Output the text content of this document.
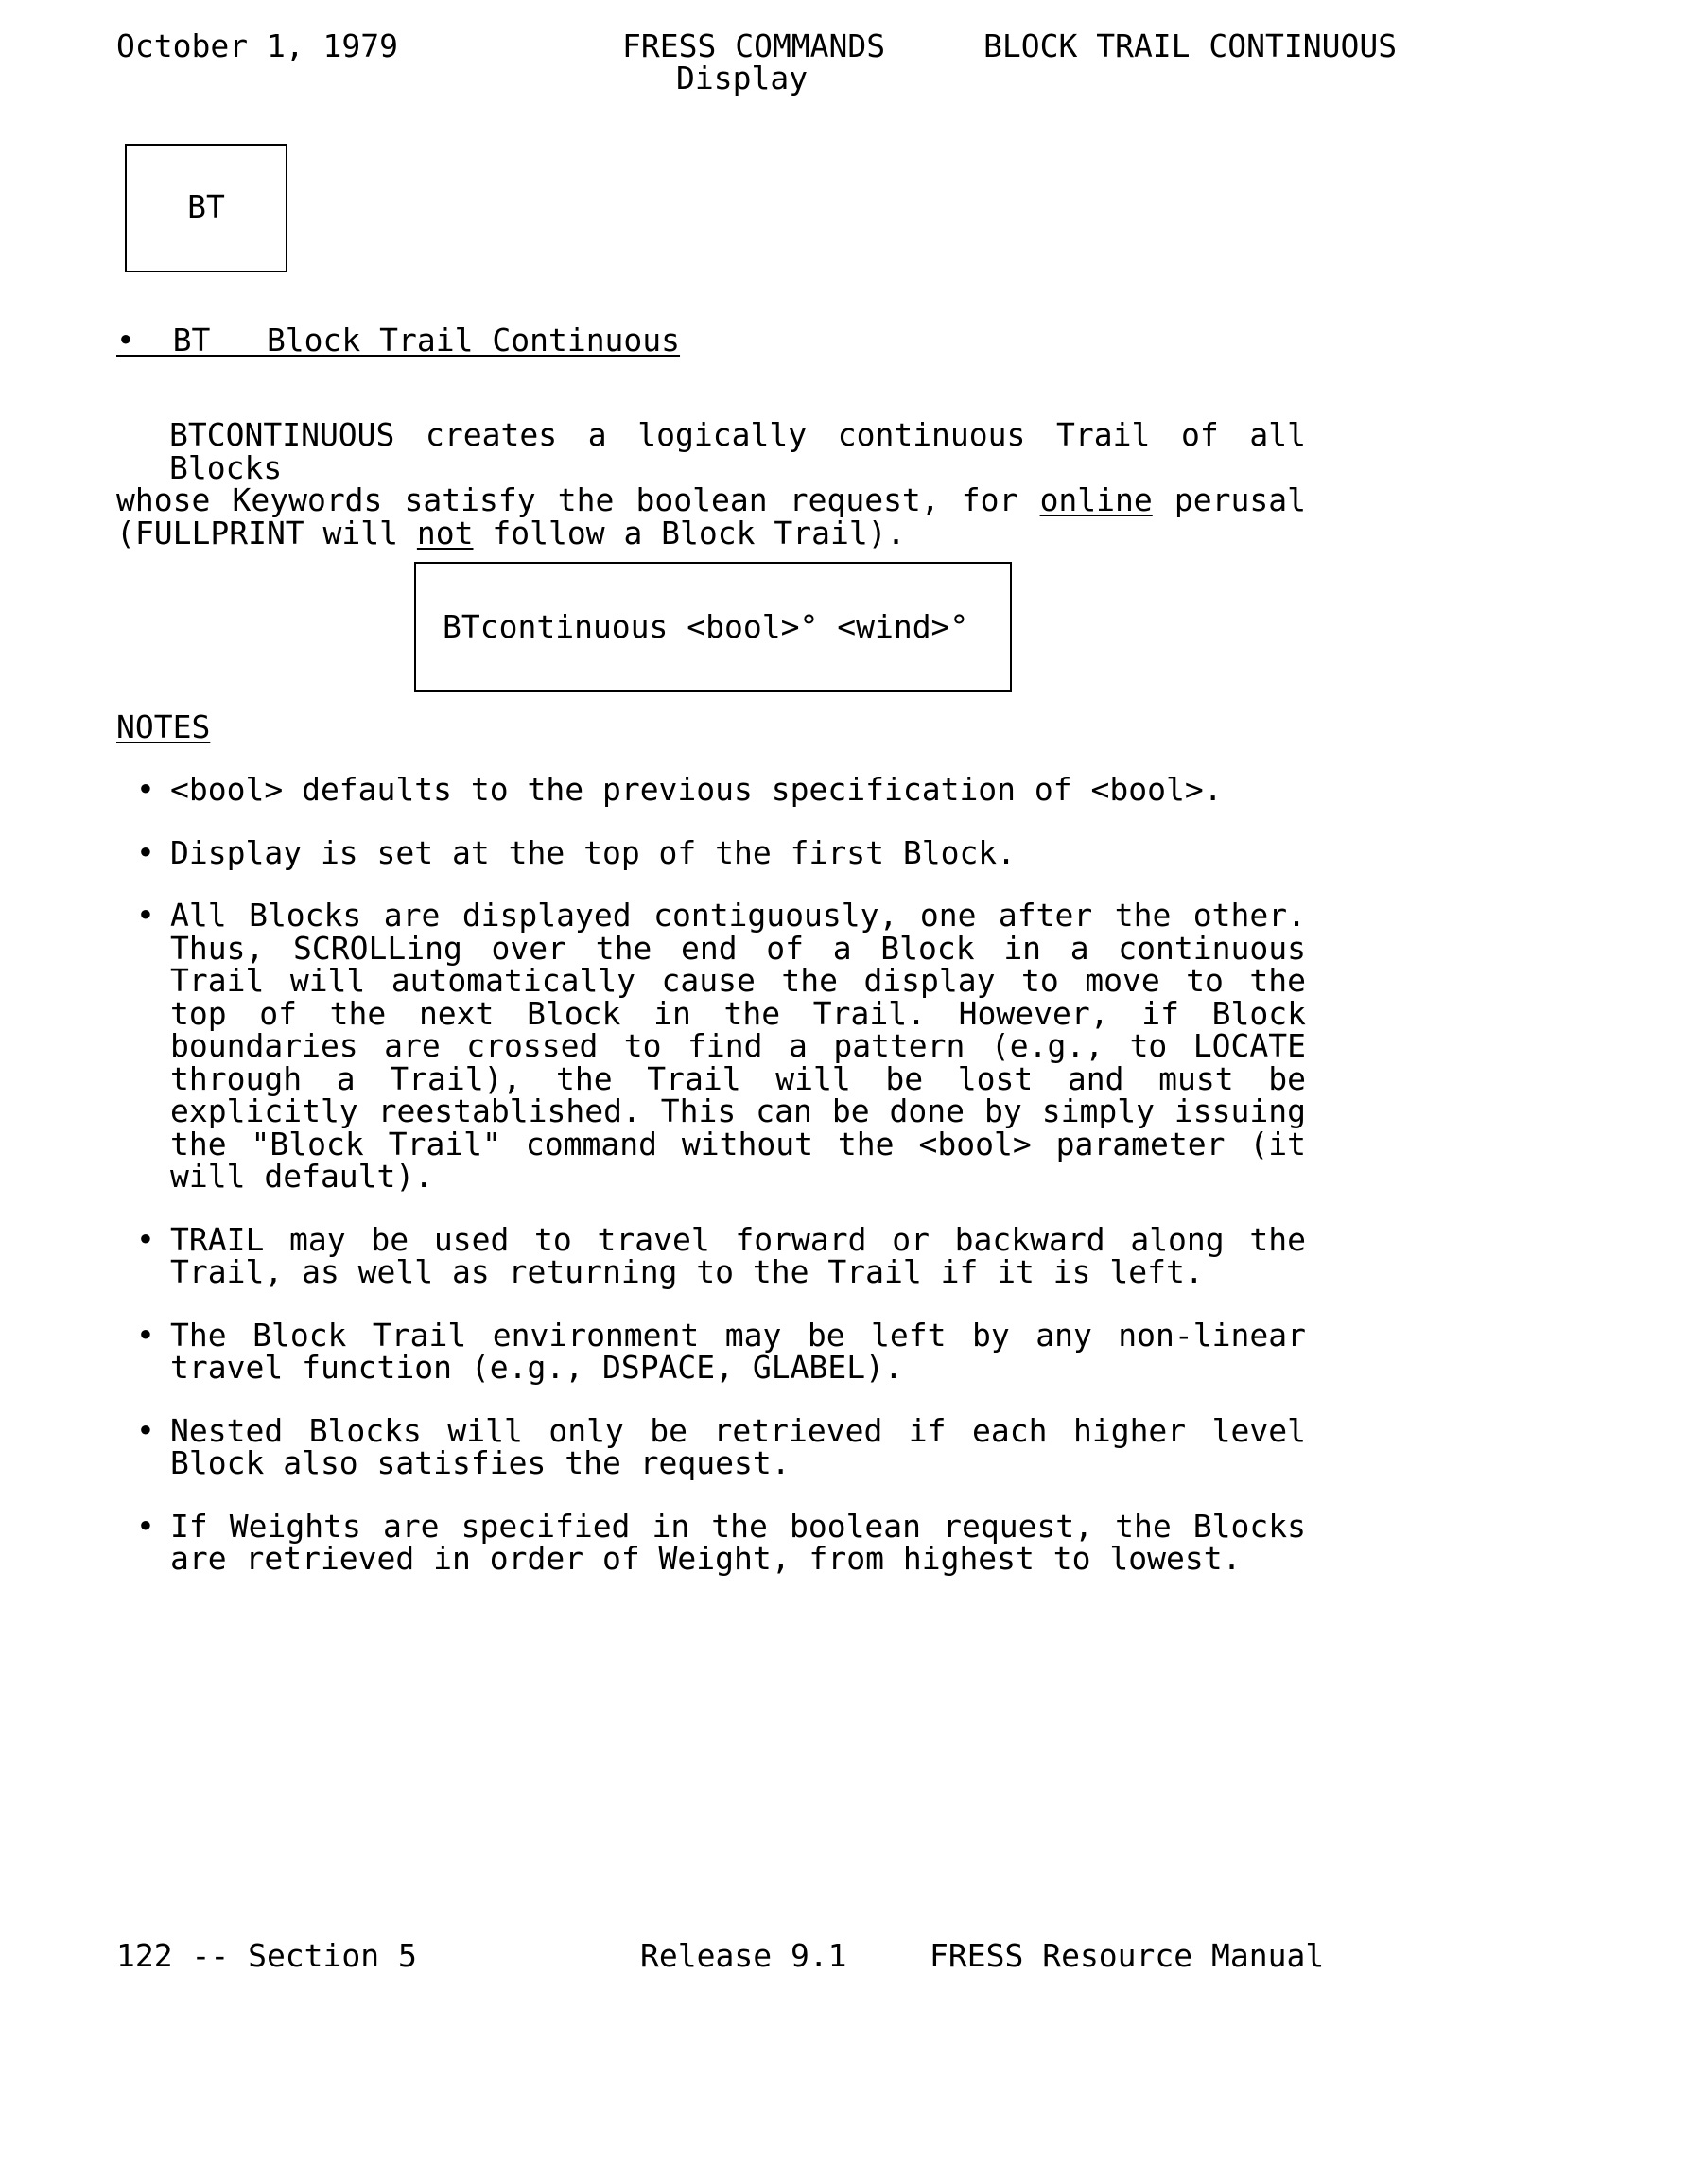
October 1, 1979	FRESS COMMANDS
Display
BLOCK TRAIL CONTINUOUS
BT
•  BT   Block Trail Continuous
BTCONTINUOUS creates a logically continuous Trail of all Blocks
whose Keywords satisfy the boolean request, for online perusal
(FULLPRINT will not follow a Block Trail).
BTcontinuous <bool>° <wind>°
NOTES
• <bool> defaults to the previous specification of <bool>.
• Display is set at the top of the first Block.
• All Blocks are displayed contiguously, one after the other. Thus, SCROLLing over the end of a Block in a continuous Trail will automatically cause the display to move to the top of the next Block in the Trail. However, if Block boundaries are crossed to find a pattern (e.g., to LOCATE through a Trail), the Trail will be lost and must be explicitly reestablished. This can be done by simply issuing the "Block Trail" command without the <bool> parameter (it will default).
• TRAIL may be used to travel forward or backward along the Trail, as well as returning to the Trail if it is left.
• The Block Trail environment may be left by any non-linear travel function (e.g., DSPACE, GLABEL).
• Nested Blocks will only be retrieved if each higher level Block also satisfies the request.
• If Weights are specified in the boolean request, the Blocks are retrieved in order of Weight, from highest to lowest.
122 -- Section 5	Release 9.1	FRESS Resource Manual
